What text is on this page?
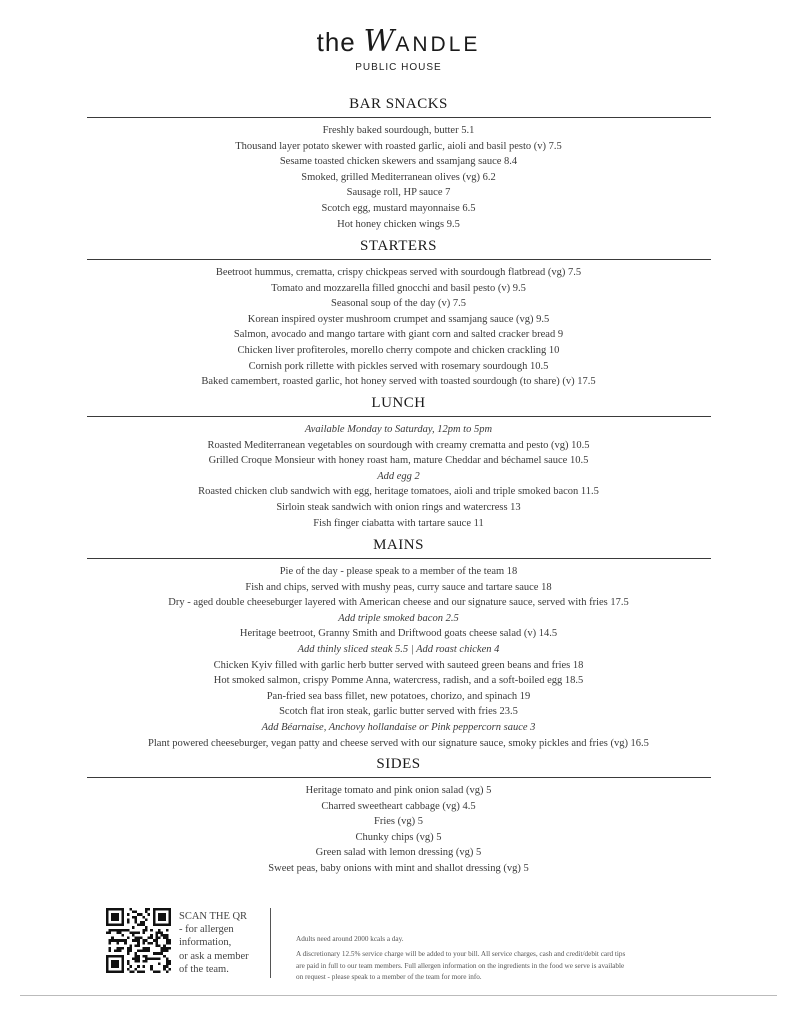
the WANDLE
PUBLIC HOUSE
BAR SNACKS
Freshly baked sourdough, butter 5.1
Thousand layer potato skewer with roasted garlic, aioli and basil pesto (v) 7.5
Sesame toasted chicken skewers and ssamjang sauce 8.4
Smoked, grilled Mediterranean olives (vg) 6.2
Sausage roll, HP sauce 7
Scotch egg, mustard mayonnaise 6.5
Hot honey chicken wings 9.5
STARTERS
Beetroot hummus, crematta, crispy chickpeas served with sourdough flatbread (vg) 7.5
Tomato and mozzarella filled gnocchi and basil pesto (v) 9.5
Seasonal soup of the day (v) 7.5
Korean inspired oyster mushroom crumpet and ssamjang sauce (vg) 9.5
Salmon, avocado and mango tartare with giant corn and salted cracker bread 9
Chicken liver profiteroles, morello cherry compote and chicken crackling 10
Cornish pork rillette with pickles served with rosemary sourdough 10.5
Baked camembert, roasted garlic, hot honey served with toasted sourdough (to share) (v) 17.5
LUNCH
Available Monday to Saturday, 12pm to 5pm
Roasted Mediterranean vegetables on sourdough with creamy crematta and pesto (vg) 10.5
Grilled Croque Monsieur with honey roast ham, mature Cheddar and béchamel sauce 10.5
Add egg 2
Roasted chicken club sandwich with egg, heritage tomatoes, aioli and triple smoked bacon 11.5
Sirloin steak sandwich with onion rings and watercress 13
Fish finger ciabatta with tartare sauce 11
MAINS
Pie of the day - please speak to a member of the team 18
Fish and chips, served with mushy peas, curry sauce and tartare sauce 18
Dry - aged double cheeseburger layered with American cheese and our signature sauce, served with fries 17.5
Add triple smoked bacon 2.5
Heritage beetroot, Granny Smith and Driftwood goats cheese salad (v) 14.5
Add thinly sliced steak 5.5 | Add roast chicken 4
Chicken Kyiv filled with garlic herb butter served with sauteed green beans and fries 18
Hot smoked salmon, crispy Pomme Anna, watercress, radish, and a soft-boiled egg 18.5
Pan-fried sea bass fillet, new potatoes, chorizo, and spinach 19
Scotch flat iron steak, garlic butter served with fries 23.5
Add Béarnaise, Anchovy hollandaise or Pink peppercorn sauce 3
Plant powered cheeseburger, vegan patty and cheese served with our signature sauce, smoky pickles and fries (vg) 16.5
SIDES
Heritage tomato and pink onion salad (vg) 5
Charred sweetheart cabbage (vg) 4.5
Fries (vg) 5
Chunky chips (vg) 5
Green salad with lemon dressing (vg) 5
Sweet peas, baby onions with mint and shallot dressing (vg) 5
SCAN THE QR
- for allergen
information,
or ask a member
of the team.
Adults need around 2000 kcals a day.
A discretionary 12.5% service charge will be added to your bill. All service charges, cash and credit/debit card tips
are paid in full to our team members. Full allergen information on the ingredients in the food we serve is available
on request - please speak to a member of the team for more info.
